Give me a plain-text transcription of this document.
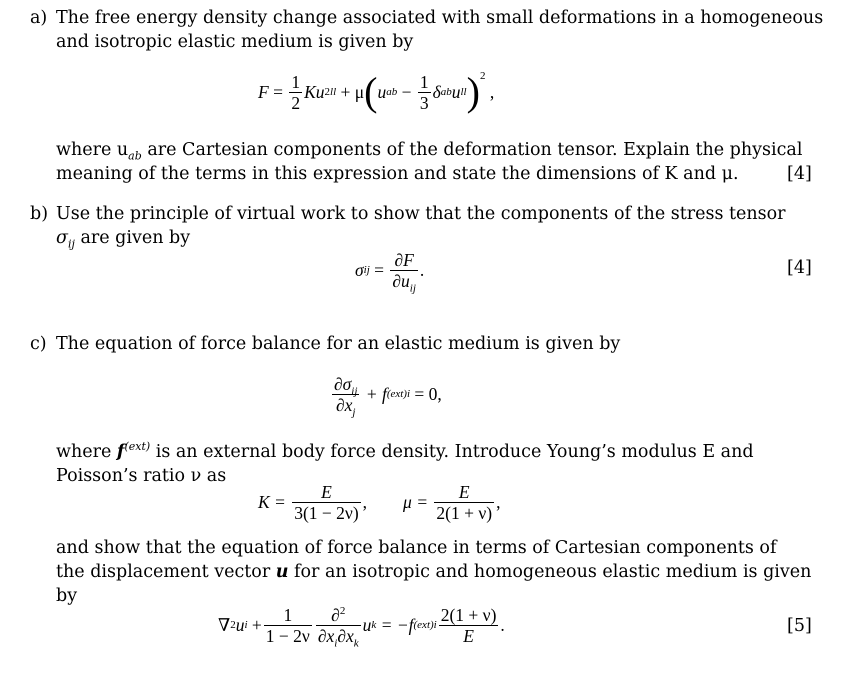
a) The free energy density change associated with small deformations in a homogeneous
and isotropic elastic medium is given by
$F = \frac{1}{2}$ Ku 2 ll
+ μ ( u ab
−
$\frac{1}{3}$ δ ab u ll )$^2$

,
where $u_{ab}$ are Cartesian components of the deformation tensor. Explain the physical
meaning of the terms in this expression and state the dimensions of K and μ.	[4]
b) Use the principle of virtual work to show that the components of the stress tensor
$\sigma_{ij}$ are given by
σ ij = $\frac{\partial F}{\partial u_{ij}}$ .	[4]
c) The equation of force balance for an elastic medium is given by
$\frac{\partial\sigma_{ij}}{\partial x_j}$
+ f (ext) i
= 0,
where $f^{(ext)}$ is an external body force density. Introduce Young’s modulus E and
Poisson’s ratio ν as
K =
$\frac{E}{3(1 - 2\nu)}$ , μ =
$\frac{E}{2(1 + \nu)}$ ,
and show that the equation of force balance in terms of Cartesian components of
the displacement vector u for an isotropic and homogeneous elastic medium is given
by
∇ 2 u i
+ $\frac{1}{1 - 2\nu} \frac{\partial^2}{\partial x_i\partial x_k}$ u k
= −f (ext) i $\frac{2(1 + \nu)}{E}$ .	[5]
